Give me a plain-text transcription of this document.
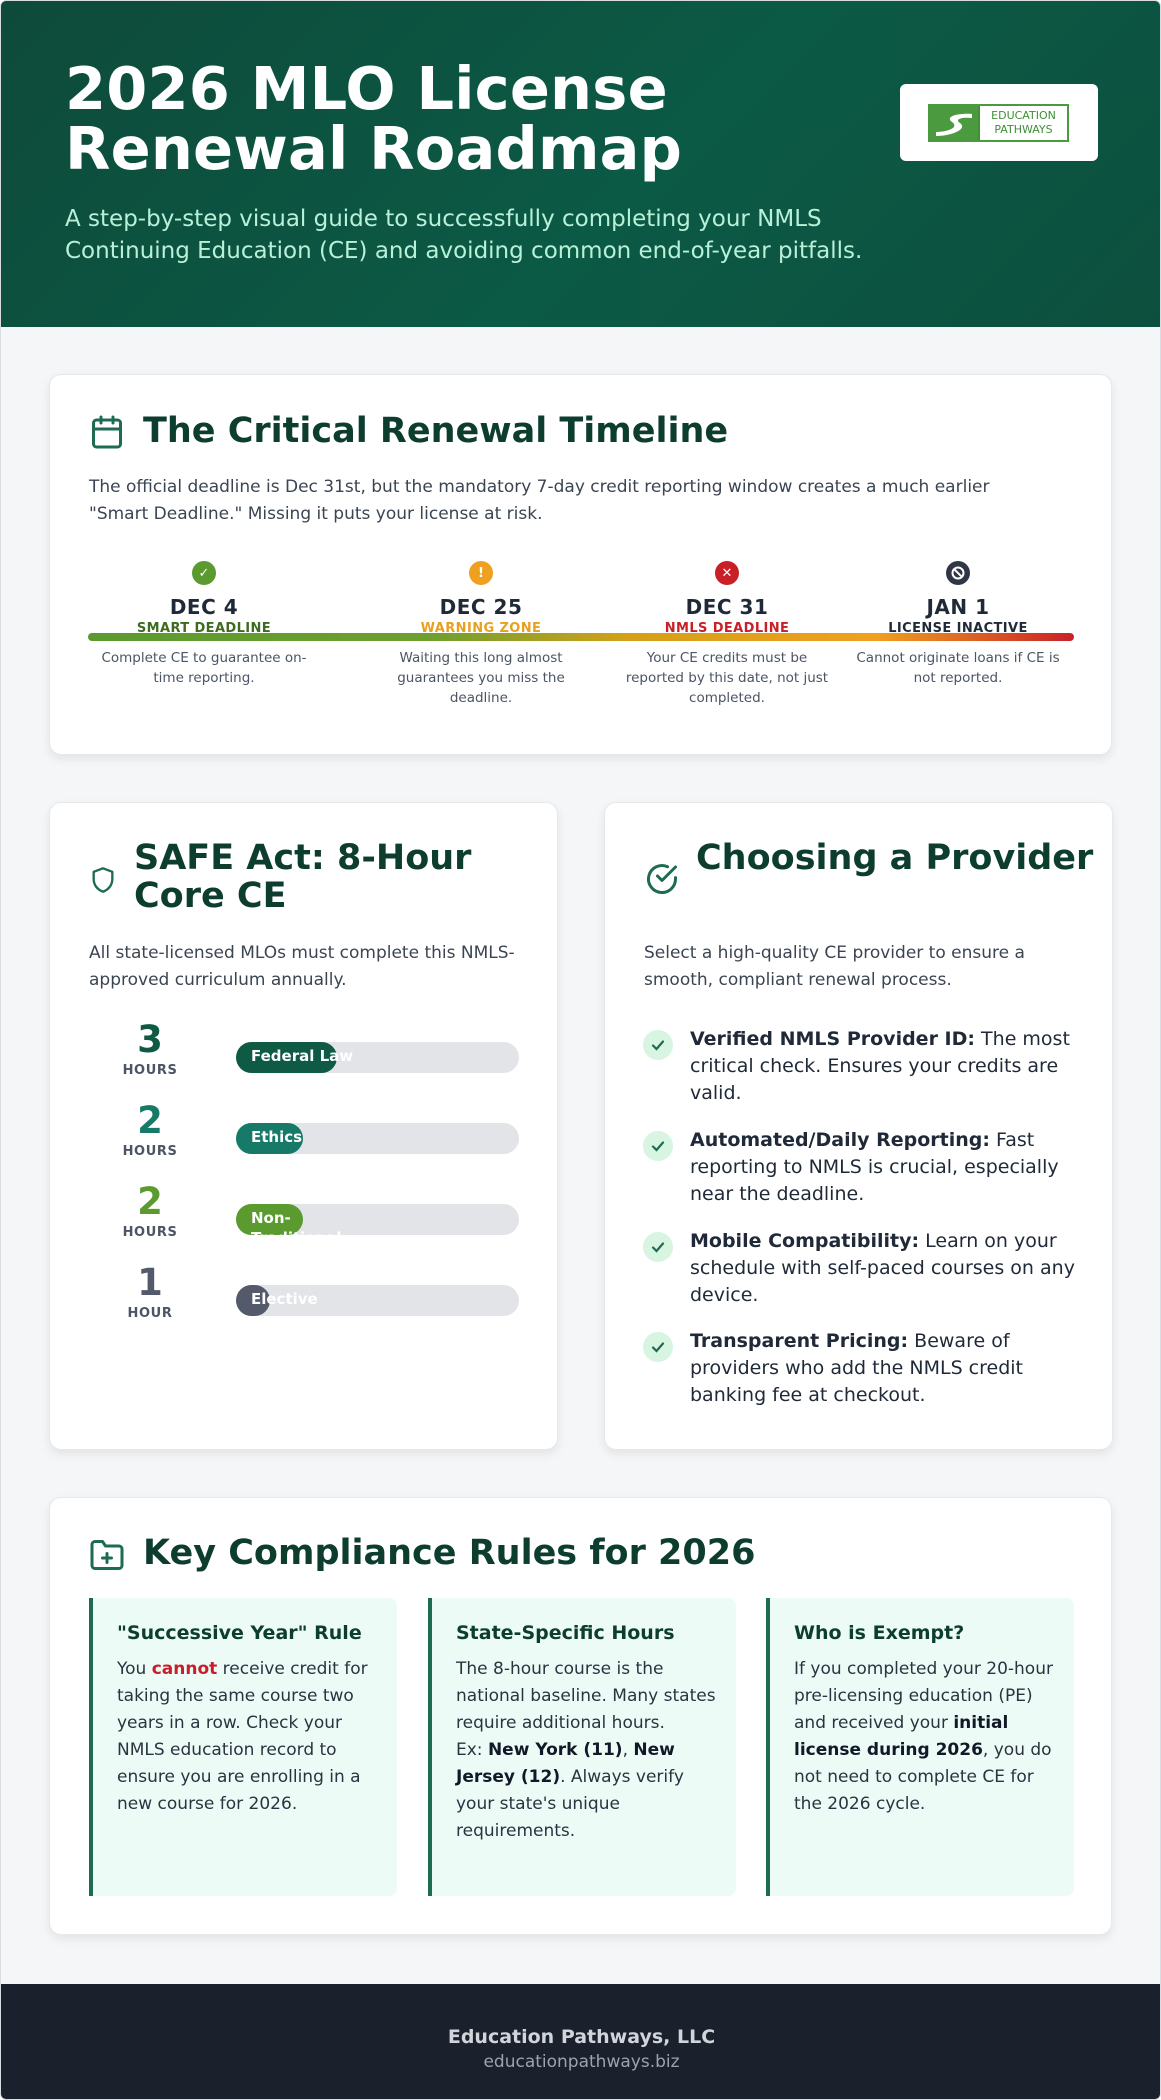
2026 MLO License Renewal Roadmap
A step-by-step visual guide to successfully completing your NMLS Continuing Education (CE) and avoiding common end-of-year pitfalls.
EDUCATION
PATHWAYS
The Critical Renewal Timeline
The official deadline is Dec 31st, but the mandatory 7-day credit reporting window creates a much earlier "Smart Deadline." Missing it puts your license at risk.
✓
DEC 4
SMART DEADLINE
Complete CE to guarantee on-time reporting.
!
DEC 25
WARNING ZONE
Waiting this long almost guarantees you miss the deadline.
✕
DEC 31
NMLS DEADLINE
Your CE credits must be reported by this date, not just completed.
JAN 1
LICENSE INACTIVE
Cannot originate loans if CE is not reported.
SAFE Act: 8-Hour Core CE
All state-licensed MLOs must complete this NMLS-approved curriculum annually.
3
HOURS
Federal Law
2
HOURS
Ethics
2
HOURS
Non-Traditional
1
HOUR
Elective
Choosing a Provider
Select a high-quality CE provider to ensure a smooth, compliant renewal process.
Verified NMLS Provider ID: The most critical check. Ensures your credits are valid.
Automated/Daily Reporting: Fast reporting to NMLS is crucial, especially near the deadline.
Mobile Compatibility: Learn on your schedule with self-paced courses on any device.
Transparent Pricing: Beware of providers who add the NMLS credit banking fee at checkout.
Key Compliance Rules for 2026
"Successive Year" Rule
You cannot receive credit for taking the same course two years in a row. Check your NMLS education record to ensure you are enrolling in a new course for 2026.
State-Specific Hours
The 8-hour course is the national baseline. Many states require additional hours.
Ex: New York (11), New Jersey (12). Always verify your state's unique requirements.
Who is Exempt?
If you completed your 20-hour pre-licensing education (PE) and received your initial license during 2026, you do not need to complete CE for the 2026 cycle.
Education Pathways, LLC
educationpathways.biz
